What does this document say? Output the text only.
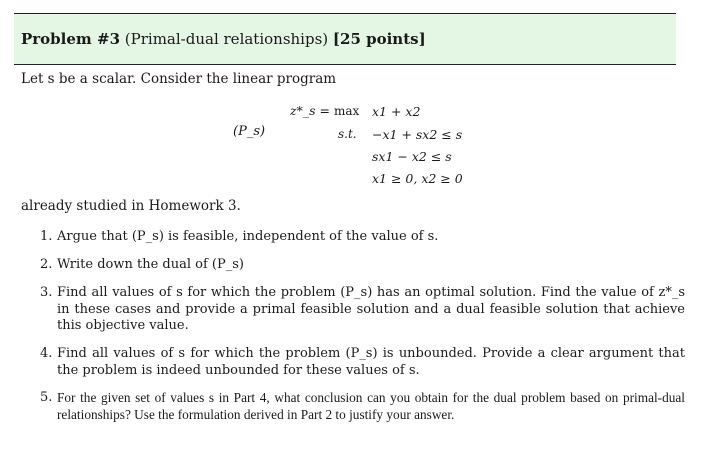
Problem #3 (Primal-dual relationships) [25 points]
Let s be a scalar. Consider the linear program
(P_s)
z*_s = max
s.t.
x1 + x2
−x1 + sx2 ≤ s
sx1 − x2 ≤ s
x1 ≥ 0, x2 ≥ 0
already studied in Homework 3.
1. Argue that (P_s) is feasible, independent of the value of s.
2. Write down the dual of (P_s)
3. Find all values of s for which the problem (P_s) has an optimal solution. Find the value of z*_s in these cases and provide a primal feasible solution and a dual feasible solution that achieve this objective value.
4. Find all values of s for which the problem (P_s) is unbounded. Provide a clear argument that the problem is indeed unbounded for these values of s.
5. For the given set of values s in Part 4, what conclusion can you obtain for the dual problem based on primal-dual relationships? Use the formulation derived in Part 2 to justify your answer.
